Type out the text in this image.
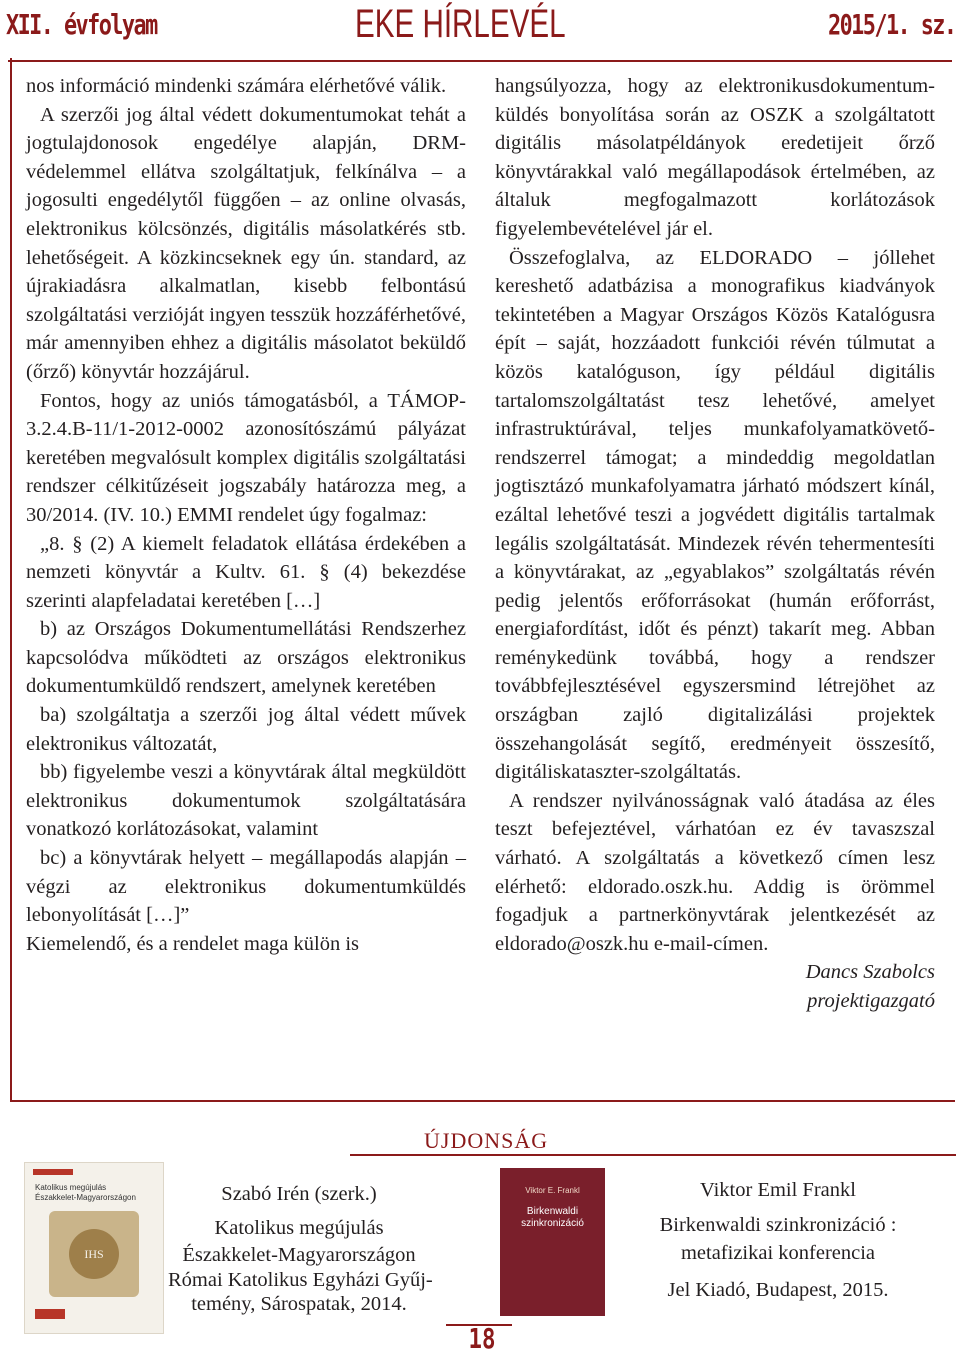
XII. évfolyam	EKE HÍRLEVÉL	2015/1. sz.

nos információ mindenki számára elérhetővé válik.

A szerzői jog által védett dokumentumokat tehát a jogtulajdonosok engedélye alapján, DRM-védelemmel ellátva szolgáltatjuk, felkínálva – a jogosulti engedélytől függően – az online olvasás, elektronikus kölcsönzés, digitális másolatkérés stb. lehetőségeit. A közkincseknek egy ún. standard, az újrakiadásra alkalmatlan, kisebb felbontású szolgáltatási verzióját ingyen tesszük hozzáférhetővé, már amennyiben ehhez a digitális másolatot beküldő (őrző) könyvtár hozzájárul.

Fontos, hogy az uniós támogatásból, a TÁMOP-3.2.4.B-11/1-2012-0002 azonosítószámú pályázat keretében megvalósult komplex digitális szolgáltatási rendszer célkitűzéseit jogszabály határozza meg, a 30/2014. (IV. 10.) EMMI rendelet úgy fogalmaz:

„8. § (2) A kiemelt feladatok ellátása érdekében a nemzeti könyvtár a Kultv. 61. § (4) bekezdése szerinti alapfeladatai keretében […]

b) az Országos Dokumentumellátási Rendszerhez kapcsolódva működteti az országos elektronikus dokumentumküldő rendszert, amelynek keretében

ba) szolgáltatja a szerzői jog által védett művek elektronikus változatát,

bb) figyelembe veszi a könyvtárak által megküldött elektronikus dokumentumok szolgáltatására vonatkozó korlátozásokat, valamint

bc) a könyvtárak helyett – megállapodás alapján – végzi az elektronikus dokumentumküldés lebonyolítását […]”

Kiemelendő, és a rendelet maga külön is

hangsúlyozza, hogy az elektronikusdokumentum-küldés bonyolítása során az OSZK a szolgáltatott digitális másolatpéldányok eredetijeit őrző könyvtárakkal való megállapodások értelmében, az általuk megfogalmazott korlátozások figyelembevételével jár el.

Összefoglalva, az ELDORADO – jóllehet kereshető adatbázisa a monografikus kiadványok tekintetében a Magyar Országos Közös Katalógusra épít – saját, hozzáadott funkciói révén túlmutat a közös katalóguson, így például digitális tartalomszolgáltatást tesz lehetővé, amelyet infrastruktúrával, teljes munkafolyamatkövető-rendszerrel támogat; a mindeddig megoldatlan jogtisztázó munkafolyamatra járható módszert kínál, ezáltal lehetővé teszi a jogvédett digitális tartalmak legális szolgáltatását. Mindezek révén tehermentesíti a könyvtárakat, az „egyablakos” szolgáltatás révén pedig jelentős erőforrásokat (humán erőforrást, energiafordítást, időt és pénzt) takarít meg. Abban reménykedünk továbbá, hogy a rendszer továbbfejlesztésével egyszersmind létrejöhet az országban zajló digitalizálási projektek összehangolását segítő, eredményeit összesítő, digitáliskataszter-szolgáltatás.

A rendszer nyilvánosságnak való átadása az éles teszt befejeztével, várhatóan ez év tavaszszal várható. A szolgáltatás a következő címen lesz elérhető: eldorado.oszk.hu. Addig is örömmel fogadjuk a partnerkönyvtárak jelentkezését az eldorado@oszk.hu e-mail-címen.

Dancs Szabolcs

projektigazgató

ÚJDONSÁG
Katolikus megújulás
Északkelet-Magyarországon
IHS
Szabó Irén (szerk.)
Katolikus megújulás
Északkelet-Magyarországon
Római Katolikus Egyházi Gyűj-
temény, Sárospatak, 2014.
Viktor E. Frankl
Birkenwaldi
szinkronizáció
Viktor Emil Frankl
Birkenwaldi szinkronizáció :
metafizikai konferencia
Jel Kiadó, Budapest, 2015.
18
